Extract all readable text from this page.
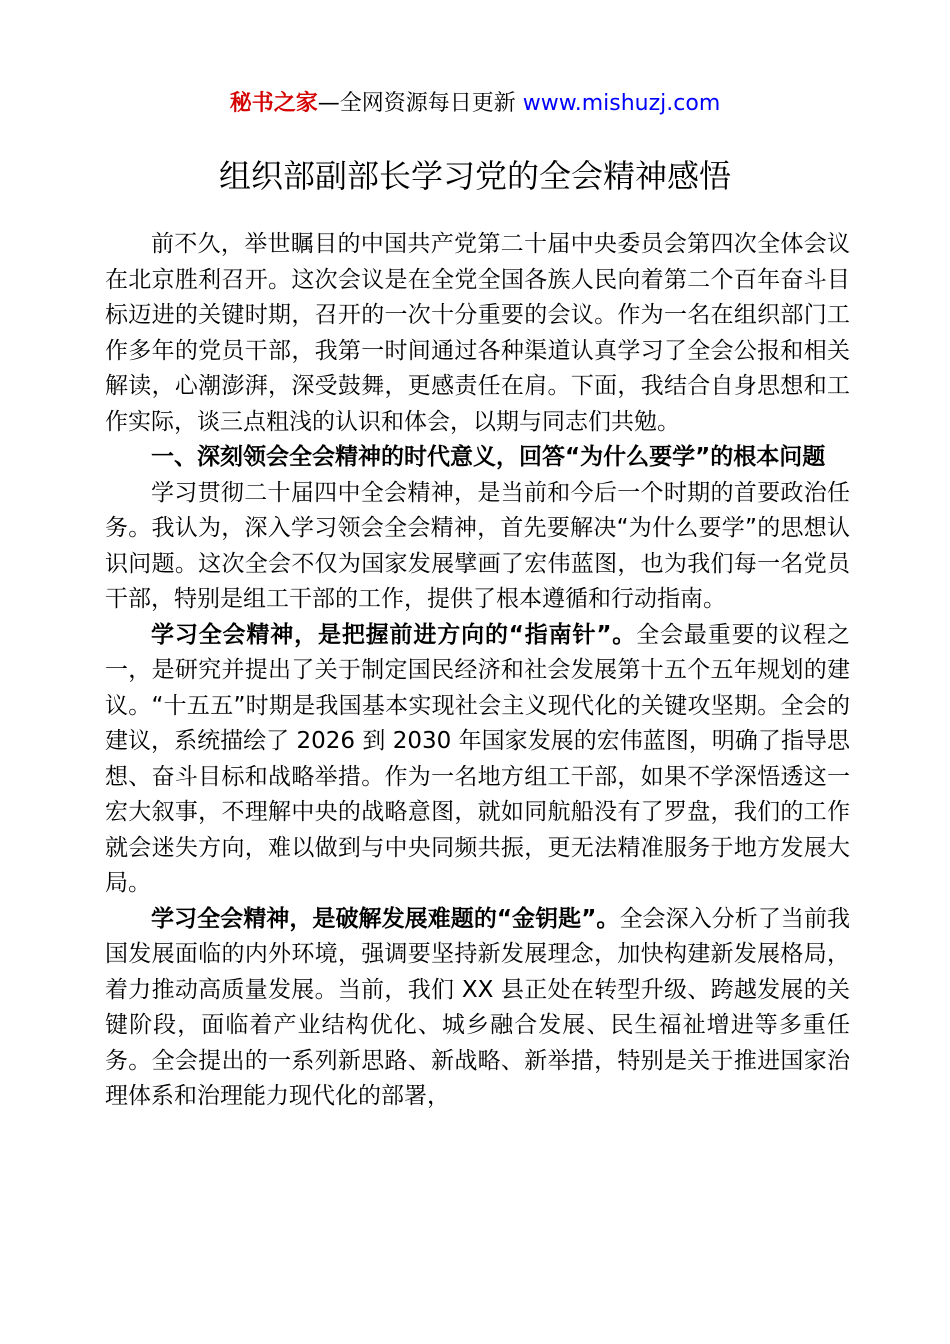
秘书之家—全网资源每日更新 www.mishuzj.com
组织部副部长学习党的全会精神感悟

前不久，举世瞩目的中国共产党第二十届中央委员会第四次全体会议在北京胜利召开。这次会议是在全党全国各族人民向着第二个百年奋斗目标迈进的关键时期，召开的一次十分重要的会议。作为一名在组织部门工作多年的党员干部，我第一时间通过各种渠道认真学习了全会公报和相关解读，心潮澎湃，深受鼓舞，更感责任在肩。下面，我结合自身思想和工作实际，谈三点粗浅的认识和体会，以期与同志们共勉。

一、深刻领会全会精神的时代意义，回答“为什么要学”的根本问题

学习贯彻二十届四中全会精神，是当前和今后一个时期的首要政治任务。我认为，深入学习领会全会精神，首先要解决“为什么要学”的思想认识问题。这次全会不仅为国家发展擘画了宏伟蓝图，也为我们每一名党员干部，特别是组工干部的工作，提供了根本遵循和行动指南。

学习全会精神，是把握前进方向的“指南针”。全会最重要的议程之一，是研究并提出了关于制定国民经济和社会发展第十五个五年规划的建议。“十五五”时期是我国基本实现社会主义现代化的关键攻坚期。全会的建议，系统描绘了 2026 到 2030 年国家发展的宏伟蓝图，明确了指导思想、奋斗目标和战略举措。作为一名地方组工干部，如果不学深悟透这一宏大叙事，不理解中央的战略意图，就如同航船没有了罗盘，我们的工作就会迷失方向，难以做到与中央同频共振，更无法精准服务于地方发展大局。

学习全会精神，是破解发展难题的“金钥匙”。全会深入分析了当前我国发展面临的内外环境，强调要坚持新发展理念，加快构建新发展格局，着力推动高质量发展。当前，我们 XX 县正处在转型升级、跨越发展的关键阶段，面临着产业结构优化、城乡融合发展、民生福祉增进等多重任务。全会提出的一系列新思路、新战略、新举措，特别是关于推进国家治理体系和治理能力现代化的部署，
